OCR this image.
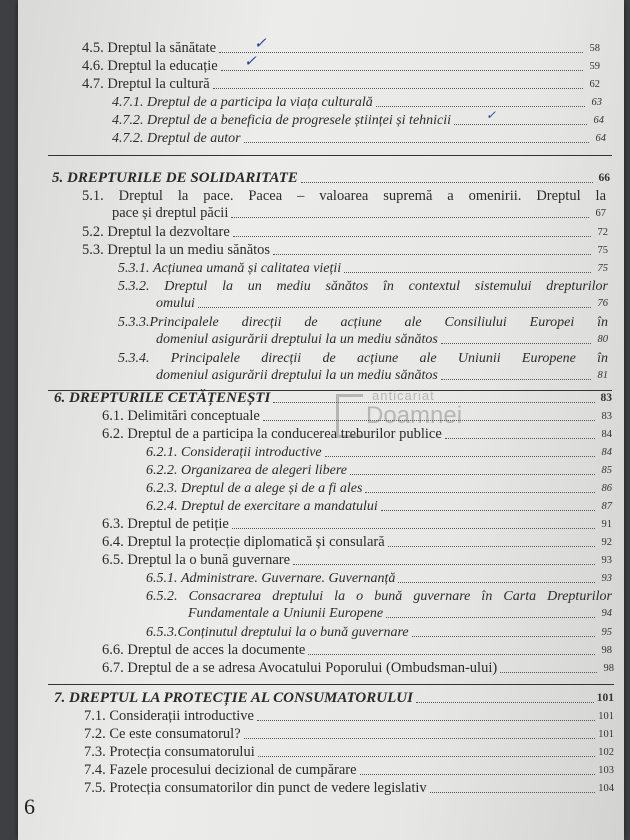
4.5.
Dreptul la sănătate	58
✓
4.6.
Dreptul la educație	59
✓
4.7.
Dreptul la cultură	62
4.7.1.
Dreptul de a participa la viața culturală	63
4.7.2.
Dreptul de a beneficia de progresele științei și tehnicii	64
✓
4.7.2.
Dreptul de autor	64
5. DREPTURILE DE SOLIDARITATE	66
5.1. Dreptul la pace. Pacea – valoarea supremă a omenirii. Dreptul la
pace și dreptul păcii	67
5.2.
Dreptul la dezvoltare	72
5.3.
Dreptul la un mediu sănătos	75
5.3.1.
Acțiunea umană și calitatea vieții	75
5.3.2. Dreptul la un mediu sănătos în contextul sistemului drepturilor
omului	76
5.3.3.Principalele direcții de acțiune ale Consiliului Europei în
domeniul asigurării dreptului la un mediu sănătos	80
5.3.4. Principalele direcții de acțiune ale Uniunii Europene în
domeniul asigurării dreptului la un mediu sănătos	81
anticariat
Doamnei
6. DREPTURILE CETĂȚENEȘTI	83
6.1.
Delimitări conceptuale	83
6.2.
Dreptul de a participa la conducerea treburilor publice	84
6.2.1.
Considerații introductive	84
6.2.2.
Organizarea de alegeri libere	85
6.2.3.
Dreptul de a alege și de a fi ales	86
6.2.4.
Dreptul de exercitare a mandatului	87
6.3.
Dreptul de petiție	91
6.4.
Dreptul la protecție diplomatică și consulară	92
6.5.
Dreptul la o bună guvernare	93
6.5.1.
Administrare. Guvernare. Guvernanță	93
6.5.2. Consacrarea dreptului la o bună guvernare în Carta Drepturilor
Fundamentale a Uniunii Europene	94
6.5.3. Conținutul dreptului la o bună guvernare	95
6.6.
Dreptul de acces la documente	98
6.7.
Dreptul de a se adresa Avocatului Poporului (Ombudsman-ului)	98
7. DREPTUL LA PROTECȚIE AL CONSUMATORULUI	101
7.1.
Considerații introductive	101
7.2.
Ce este consumatorul?	101
7.3.
Protecția consumatorului	102
7.4.
Fazele procesului decizional de cumpărare	103
7.5.
Protecția consumatorilor din punct de vedere legislativ	104
6
